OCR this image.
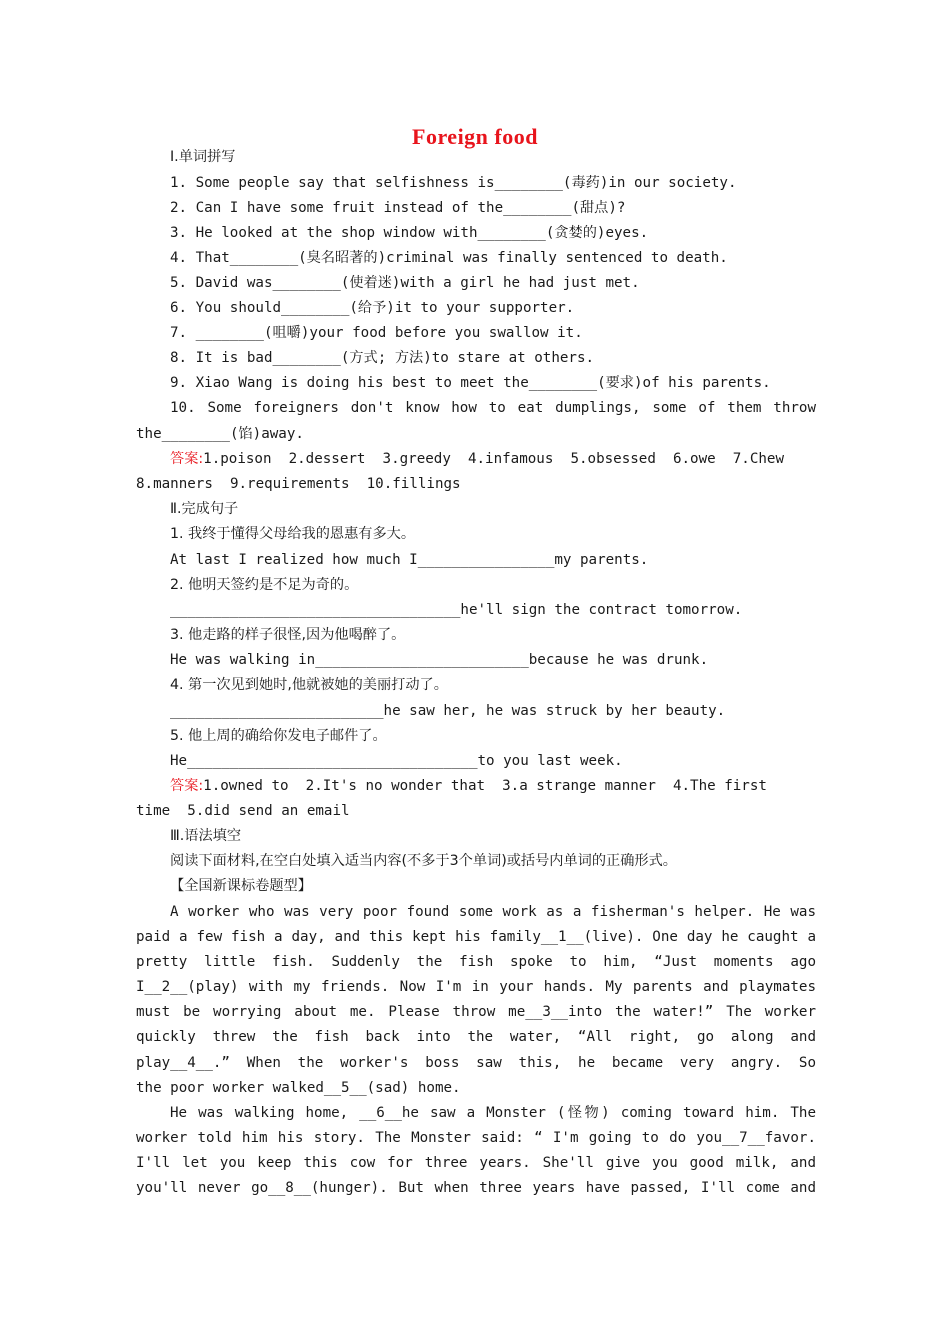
Foreign food
Ⅰ.单词拼写
1. Some people say that selfishness is________(毒药)in our society.
2. Can I have some fruit instead of the________(甜点)?
3. He looked at the shop window with________(贪婪的)eyes.
4. That________(臭名昭著的)criminal was finally sentenced to death.
5. David was________(使着迷)with a girl he had just met.
6. You should________(给予)it to your supporter.
7. ________(咀嚼)your food before you swallow it.
8. It is bad________(方式; 方法)to stare at others.
9. Xiao Wang is doing his best to meet the________(要求)of his parents.
10. Some foreigners don't know how to eat dumplings, some of them throw
the________(馅)away.
答案:1.poison  2.dessert  3.greedy  4.infamous  5.obsessed  6.owe  7.Chew
8.manners  9.requirements  10.fillings
Ⅱ.完成句子
1. 我终于懂得父母给我的恩惠有多大。
At last I realized how much I________________my parents.
2. 他明天签约是不足为奇的。
__________________________________he'll sign the contract tomorrow.
3. 他走路的样子很怪,因为他喝醉了。
He was walking in_________________________because he was drunk.
4. 第一次见到她时,他就被她的美丽打动了。
_________________________he saw her, he was struck by her beauty.
5. 他上周的确给你发电子邮件了。
He__________________________________to you last week.
答案:1.owned to  2.It's no wonder that  3.a strange manner  4.The first
time  5.did send an email
Ⅲ.语法填空
阅读下面材料,在空白处填入适当内容(不多于3个单词)或括号内单词的正确形式。
【全国新课标卷题型】
A worker who was very poor found some work as a fisherman's helper. He was
paid a few fish a day, and this kept his family__1__(live). One day he caught a
pretty little fish. Suddenly the fish spoke to him, “Just moments ago
I__2__(play) with my friends. Now I'm in your hands. My parents and playmates
must be worrying about me. Please throw me__3__into the water!” The worker
quickly threw the fish back into the water, “All right, go along and
play__4__.” When the worker's boss saw this, he became very angry. So
the poor worker walked__5__(sad) home.
He was walking home, __6__he saw a Monster (怪物) coming toward him. The
worker told him his story. The Monster said: “ I'm going to do you__7__favor.
I'll let you keep this cow for three years. She'll give you good milk, and
you'll never go__8__(hunger). But when three years have passed, I'll come and
